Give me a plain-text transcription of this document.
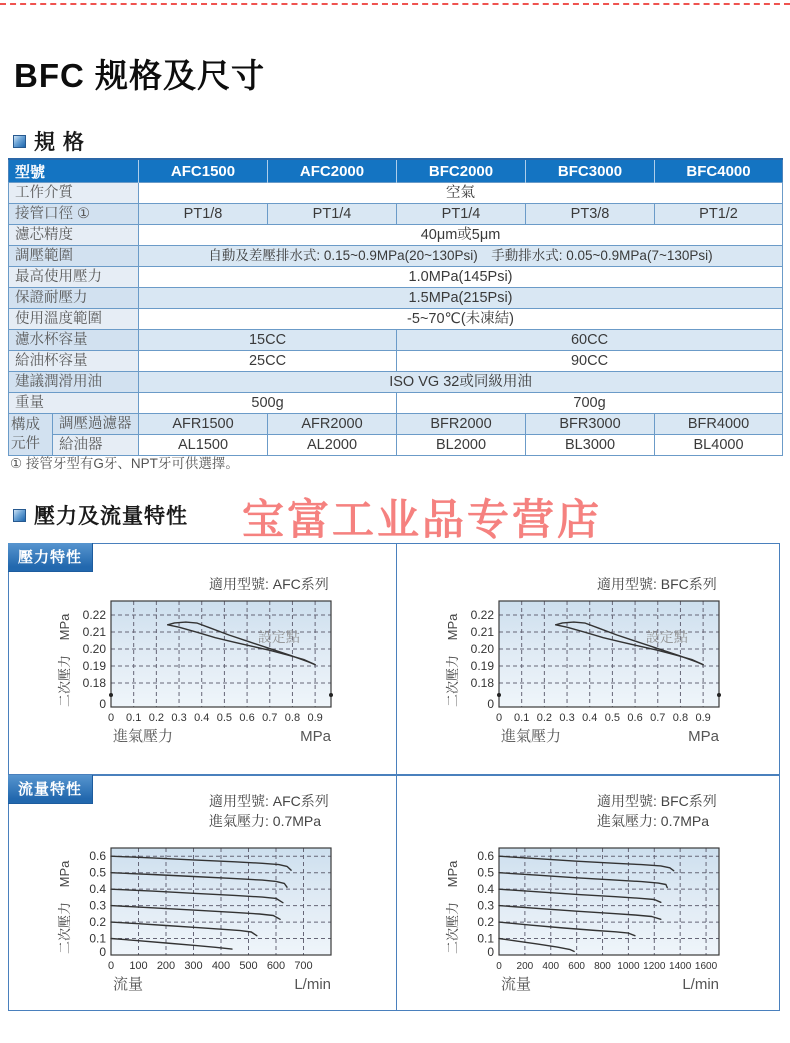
BFC 规格及尺寸
規 格
型號		AFC1500	AFC2000	BFC2000	BFC3000	BFC4000
工作介質		空氣				
接管口徑 ①		PT1/8	PT1/4	PT1/4	PT3/8	PT1/2
濾芯精度		40μm或5μm				
調壓範圍		自動及差壓排水式: 0.15~0.9MPa(20~130Psi)　手動排水式: 0.05~0.9MPa(7~130Psi)				
最高使用壓力		1.0MPa(145Psi)				
保證耐壓力		1.5MPa(215Psi)				
使用溫度範圍		-5~70℃(未凍結)				
濾水杯容量		15CC		60CC		
給油杯容量		25CC		90CC		
建議潤滑用油		ISO VG 32或同級用油				
重量		500g		700g		
構成元件	調壓過濾器	AFR1500	AFR2000	BFR2000	BFR3000	BFR4000
	給油器	AL1500	AL2000	BL2000	BL3000	BL4000
① 接管牙型有G牙、NPT牙可供選擇。
壓力及流量特性 宝富工业品专营店
壓力特性
適用型號: AFC系列
設定點
0 0.1 0.2 0.3 0.4 0.5 0.6 0.7 0.8 0.9
0.22
0.21
0.20
0.19
0.18
0
進氣壓力	MPa
MPa
二次壓力
適用型號: BFC系列
設定點
0 0.1 0.2 0.3 0.4 0.5 0.6 0.7 0.8 0.9
0.22
0.21
0.20
0.19
0.18
0
進氣壓力	MPa
MPa
二次壓力
流量特性
適用型號: AFC系列
進氣壓力: 0.7MPa
0 100 200 300 400 500 600 700
0.6
0.5
0.4
0.3
0.2
0.1
0
流量	L/min
MPa
二次壓力
適用型號: BFC系列
進氣壓力: 0.7MPa
0 200 400 600 800 1000 1200 1400 1600
0.6
0.5
0.4
0.3
0.2
0.1
0
流量	L/min
MPa
二次壓力
